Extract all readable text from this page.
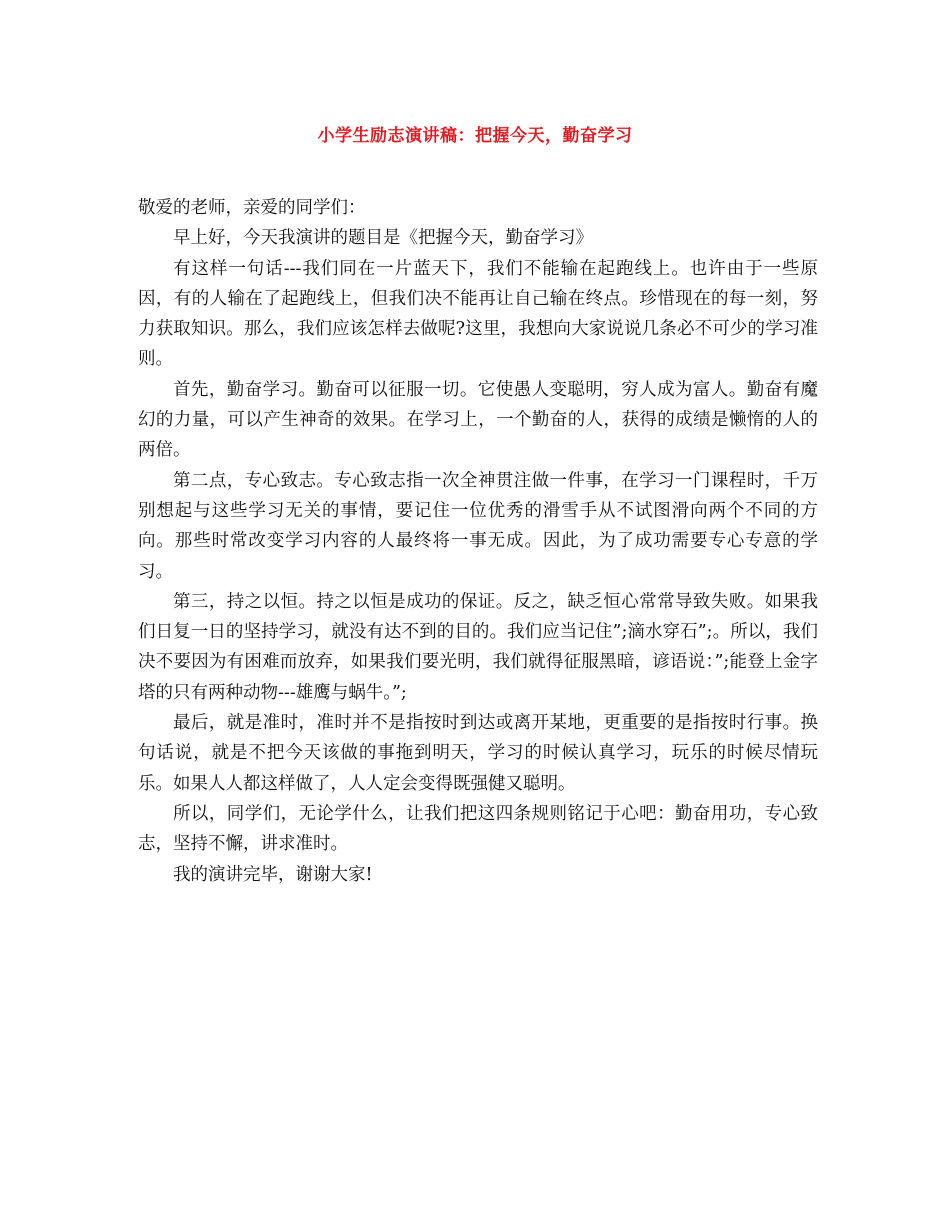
小学生励志演讲稿：把握今天，勤奋学习

敬爱的老师，亲爱的同学们：

早上好，今天我演讲的题目是《把握今天，勤奋学习》

有这样一句话---我们同在一片蓝天下，我们不能输在起跑线上。也许由于一些原因，有的人输在了起跑线上，但我们决不能再让自己输在终点。珍惜现在的每一刻，努力获取知识。那么，我们应该怎样去做呢?这里，我想向大家说说几条必不可少的学习准则。

首先，勤奋学习。勤奋可以征服一切。它使愚人变聪明，穷人成为富人。勤奋有魔幻的力量，可以产生神奇的效果。在学习上，一个勤奋的人，获得的成绩是懒惰的人的两倍。

第二点，专心致志。专心致志指一次全神贯注做一件事，在学习一门课程时，千万别想起与这些学习无关的事情，要记住一位优秀的滑雪手从不试图滑向两个不同的方向。那些时常改变学习内容的人最终将一事无成。因此，为了成功需要专心专意的学习。

第三，持之以恒。持之以恒是成功的保证。反之，缺乏恒心常常导致失败。如果我们日复一日的坚持学习，就没有达不到的目的。我们应当记住”;滴水穿石”;。所以，我们决不要因为有困难而放弃，如果我们要光明，我们就得征服黑暗，谚语说：”;能登上金字塔的只有两种动物---雄鹰与蜗牛。”;

最后，就是准时，准时并不是指按时到达或离开某地，更重要的是指按时行事。换句话说，就是不把今天该做的事拖到明天，学习的时候认真学习，玩乐的时候尽情玩乐。如果人人都这样做了，人人定会变得既强健又聪明。

所以，同学们，无论学什么，让我们把这四条规则铭记于心吧：勤奋用功，专心致志，坚持不懈，讲求准时。

我的演讲完毕，谢谢大家!
